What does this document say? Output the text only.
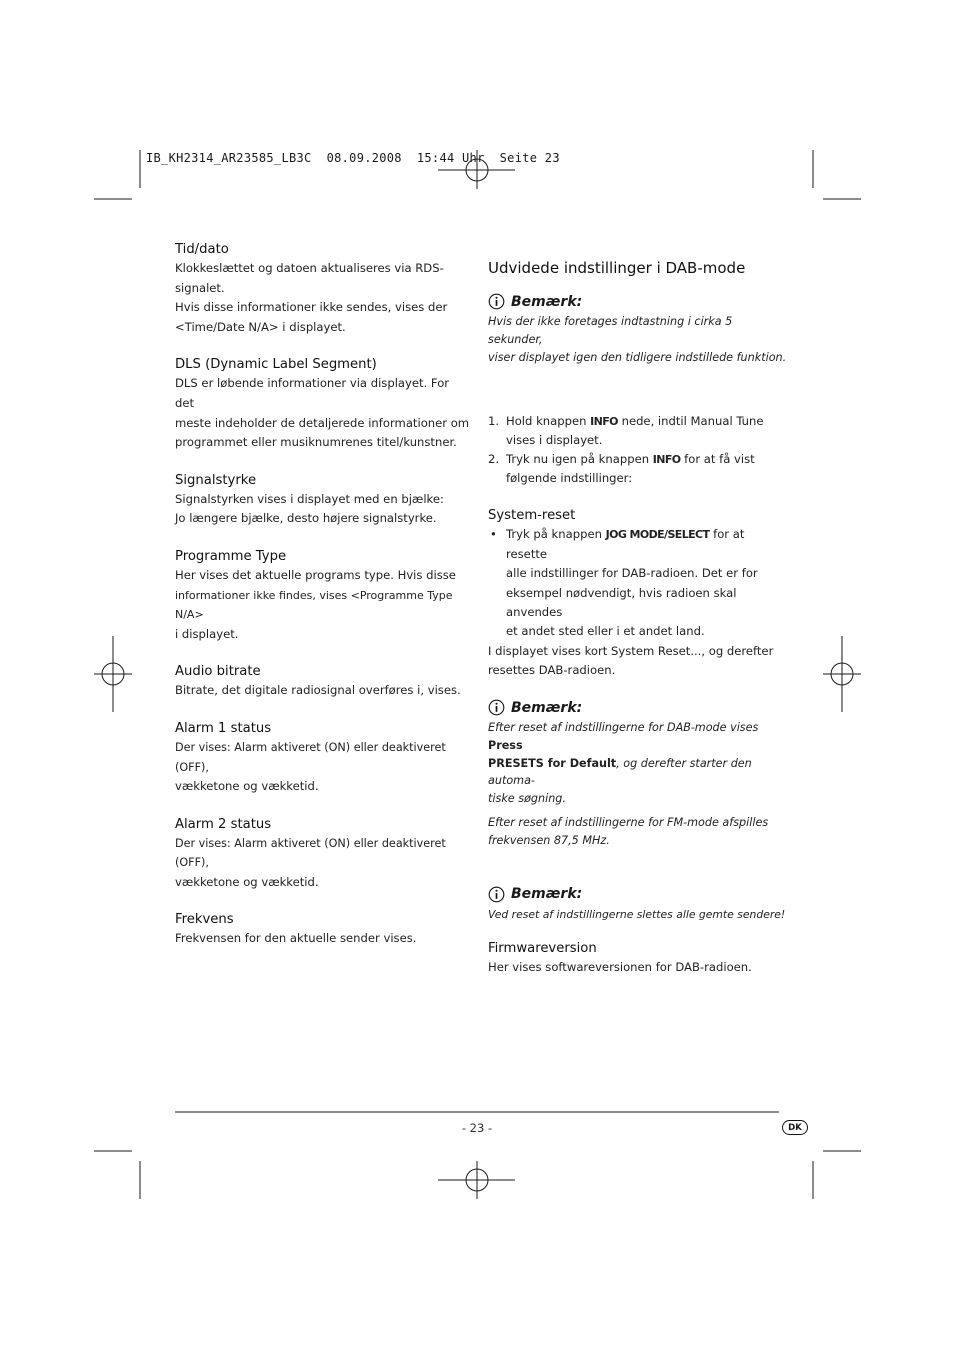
IB_KH2314_AR23585_LB3C  08.09.2008  15:44 Uhr  Seite 23

Tid/dato

Klokkeslættet og datoen aktualiseres via RDS-signalet.

Hvis disse informationer ikke sendes, vises der

<Time/Date N/A> i displayet.

DLS (Dynamic Label Segment)

DLS er løbende informationer via displayet. For det

meste indeholder de detaljerede informationer om

programmet eller musiknumrenes titel/kunstner.

Signalstyrke

Signalstyrken vises i displayet med en bjælke:

Jo længere bjælke, desto højere signalstyrke.

Programme Type

Her vises det aktuelle programs type. Hvis disse

informationer ikke findes, vises <Programme Type N/A>

i displayet.

Audio bitrate

Bitrate, det digitale radiosignal overføres i, vises.

Alarm 1 status

Der vises: Alarm aktiveret (ON) eller deaktiveret (OFF),

vækketone og vækketid.

Alarm 2 status

Der vises: Alarm aktiveret (ON) eller deaktiveret (OFF),

vækketone og vækketid.

Frekvens

Frekvensen for den aktuelle sender vises.

Udvidede indstillinger i DAB-mode

Bemærk:

Hvis der ikke foretages indtastning i cirka 5 sekunder,

viser displayet igen den tidligere indstillede funktion.

1. Hold knappen INFO nede, indtil Manual Tune
vises i displayet.
2. Tryk nu igen på knappen INFO for at få vist
følgende indstillinger:

System-reset

• Tryk på knappen JOG MODE/SELECT for at resette
alle indstillinger for DAB-radioen. Det er for
eksempel nødvendigt, hvis radioen skal anvendes
et andet sted eller i et andet land.

I displayet vises kort System Reset..., og derefter

resettes DAB-radioen.

Bemærk:

Efter reset af indstillingerne for DAB-mode vises Press

PRESETS for Default, og derefter starter den automa-

tiske søgning.

Efter reset af indstillingerne for FM-mode afspilles

frekvensen 87,5 MHz.

Bemærk:

Ved reset af indstillingerne slettes alle gemte sendere!

Firmwareversion

Her vises softwareversionen for DAB-radioen.

- 23 -	DK
